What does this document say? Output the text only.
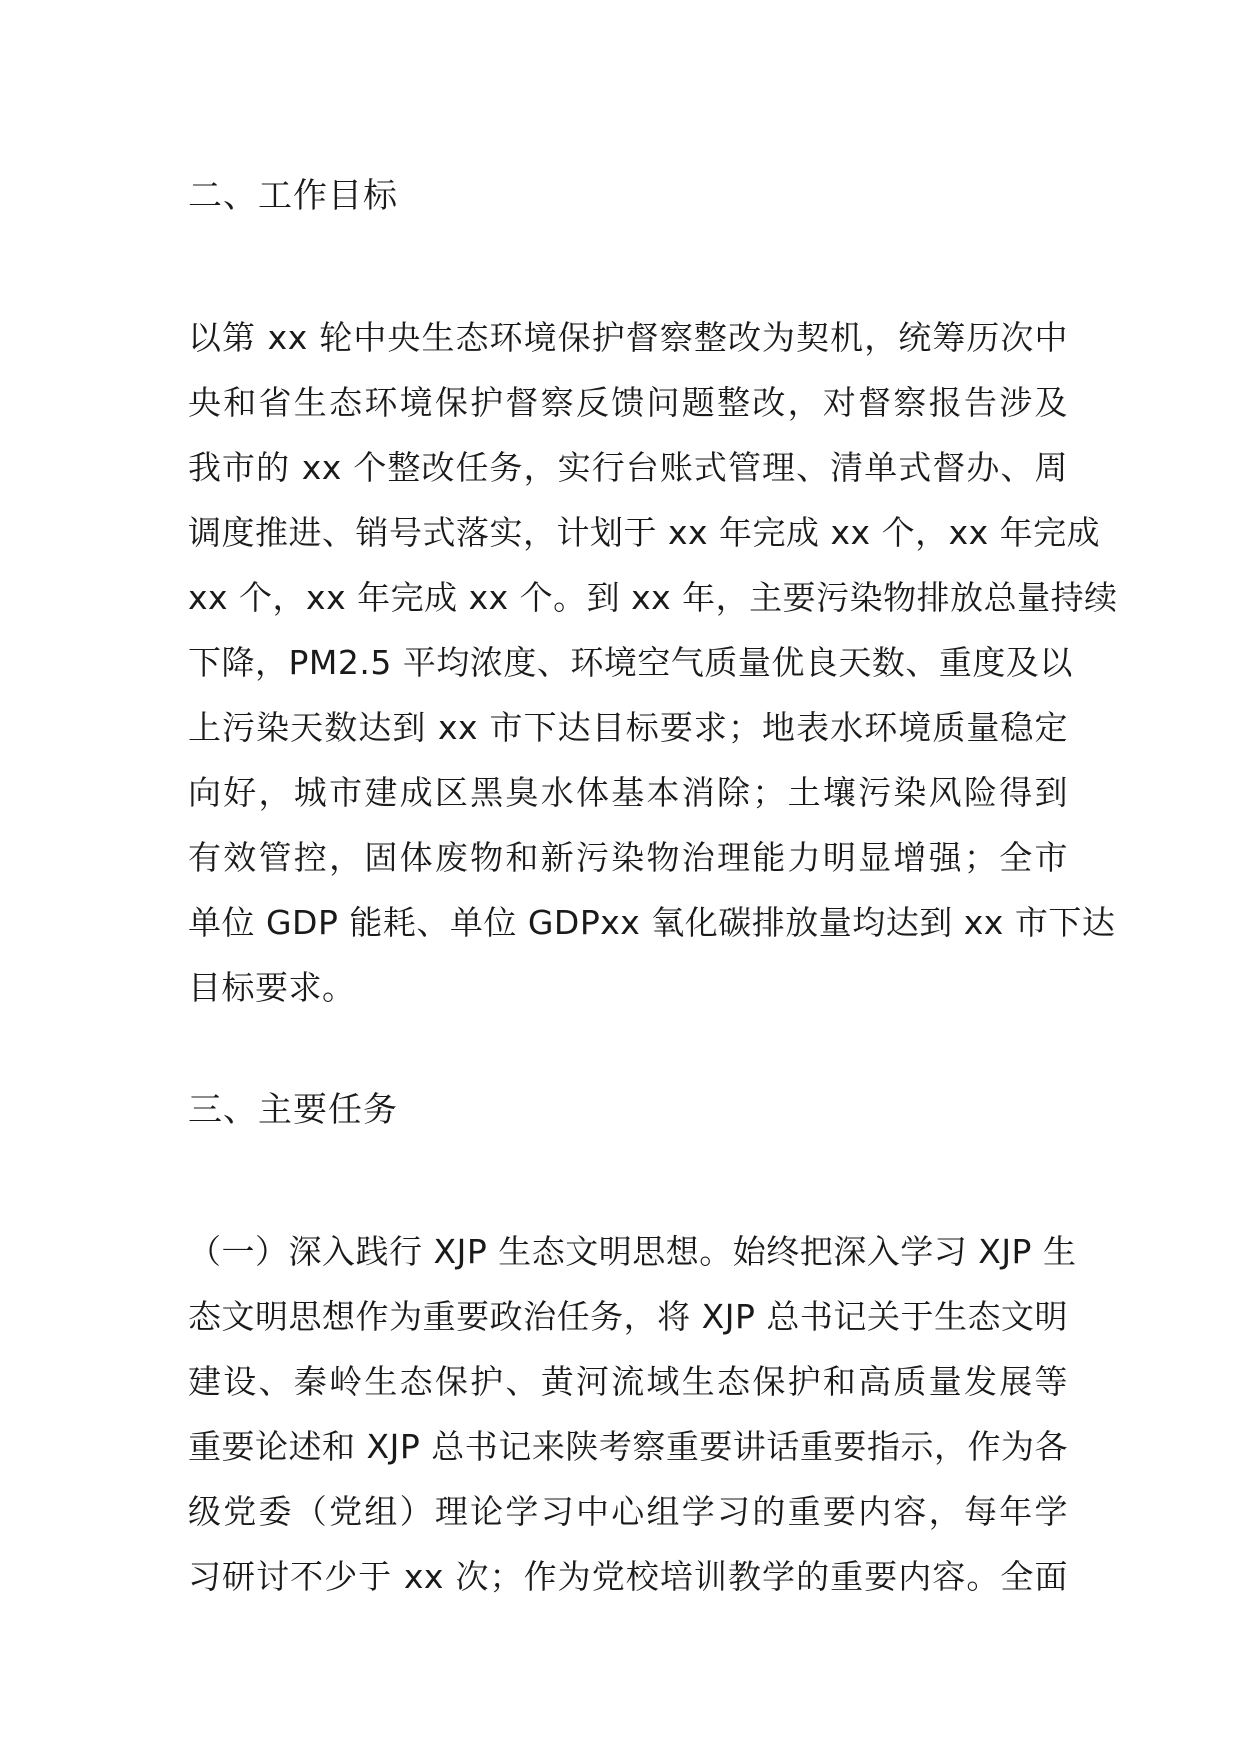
二、工作目标
以第 xx 轮中央生态环境保护督察整改为契机，统筹历次中
央和省生态环境保护督察反馈问题整改，对督察报告涉及
我市的 xx 个整改任务，实行台账式管理、清单式督办、周
调度推进、销号式落实，计划于 xx 年完成 xx 个，xx 年完成
xx 个，xx 年完成 xx 个。到 xx 年，主要污染物排放总量持续
下降，PM2.5 平均浓度、环境空气质量优良天数、重度及以
上污染天数达到 xx 市下达目标要求；地表水环境质量稳定
向好，城市建成区黑臭水体基本消除；土壤污染风险得到
有效管控，固体废物和新污染物治理能力明显增强；全市
单位 GDP 能耗、单位 GDPxx 氧化碳排放量均达到 xx 市下达
目标要求。
三、主要任务
（一）深入践行 XJP 生态文明思想。始终把深入学习 XJP 生
态文明思想作为重要政治任务，将 XJP 总书记关于生态文明
建设、秦岭生态保护、黄河流域生态保护和高质量发展等
重要论述和 XJP 总书记来陕考察重要讲话重要指示，作为各
级党委（党组）理论学习中心组学习的重要内容，每年学
习研讨不少于 xx 次；作为党校培训教学的重要内容。全面
